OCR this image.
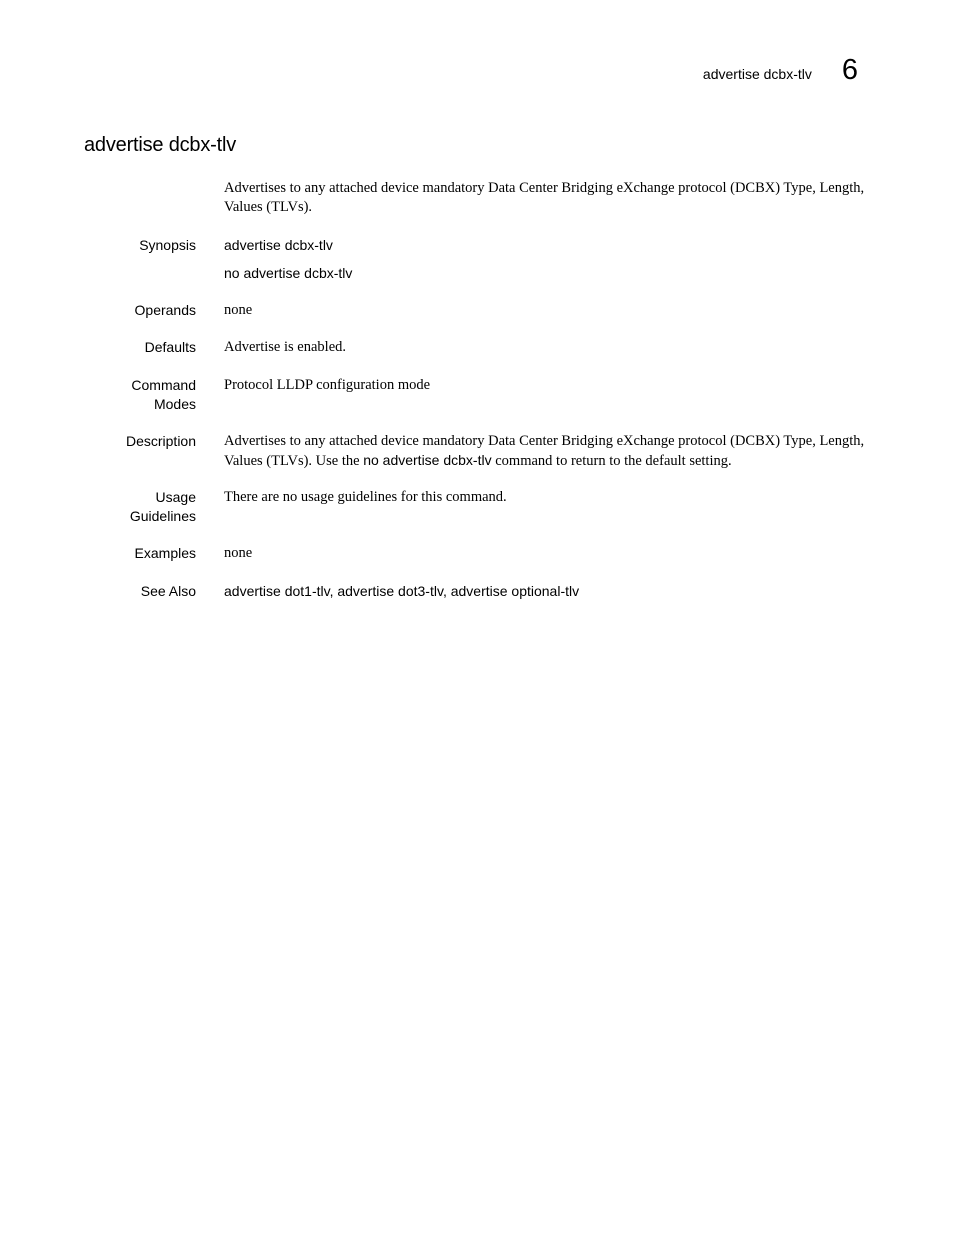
advertise dcbx-tlv 6
advertise dcbx-tlv
Advertises to any attached device mandatory Data Center Bridging eXchange protocol (DCBX) Type, Length, Values (TLVs).
Synopsis advertise dcbx-tlv
no advertise dcbx-tlv
Operands none
Defaults Advertise is enabled.
Command
Modes
Protocol LLDP configuration mode
Description Advertises to any attached device mandatory Data Center Bridging eXchange protocol (DCBX) Type, Length, Values (TLVs). Use the no advertise dcbx-tlv command to return to the default setting.
Usage
Guidelines
There are no usage guidelines for this command.
Examples none
See Also advertise dot1-tlv, advertise dot3-tlv, advertise optional-tlv
